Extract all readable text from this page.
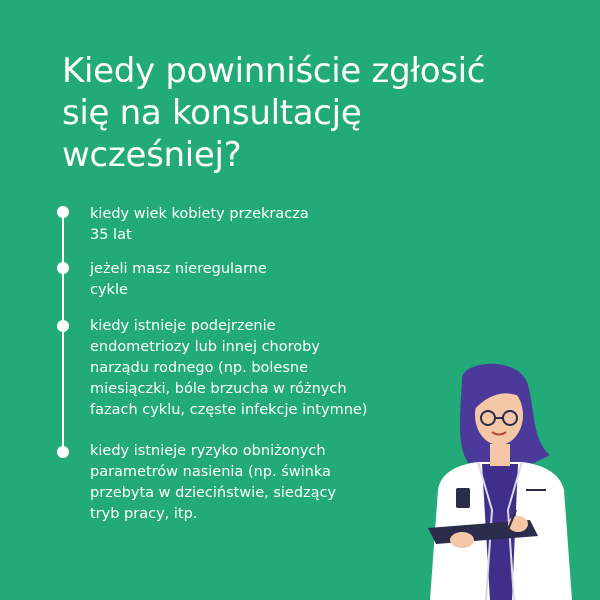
Kiedy powinniście zgłosić
się na konsultację
wcześniej?
kiedy wiek kobiety przekracza
35 lat
jeżeli masz nieregularne
cykle
kiedy istnieje podejrzenie
endometriozy lub innej choroby
narządu rodnego (np. bolesne
miesiączki, bóle brzucha w różnych
fazach cyklu, częste infekcje intymne)
kiedy istnieje ryzyko obniżonych
parametrów nasienia (np. świnka
przebyta w dzieciństwie, siedzący
tryb pracy, itp.
